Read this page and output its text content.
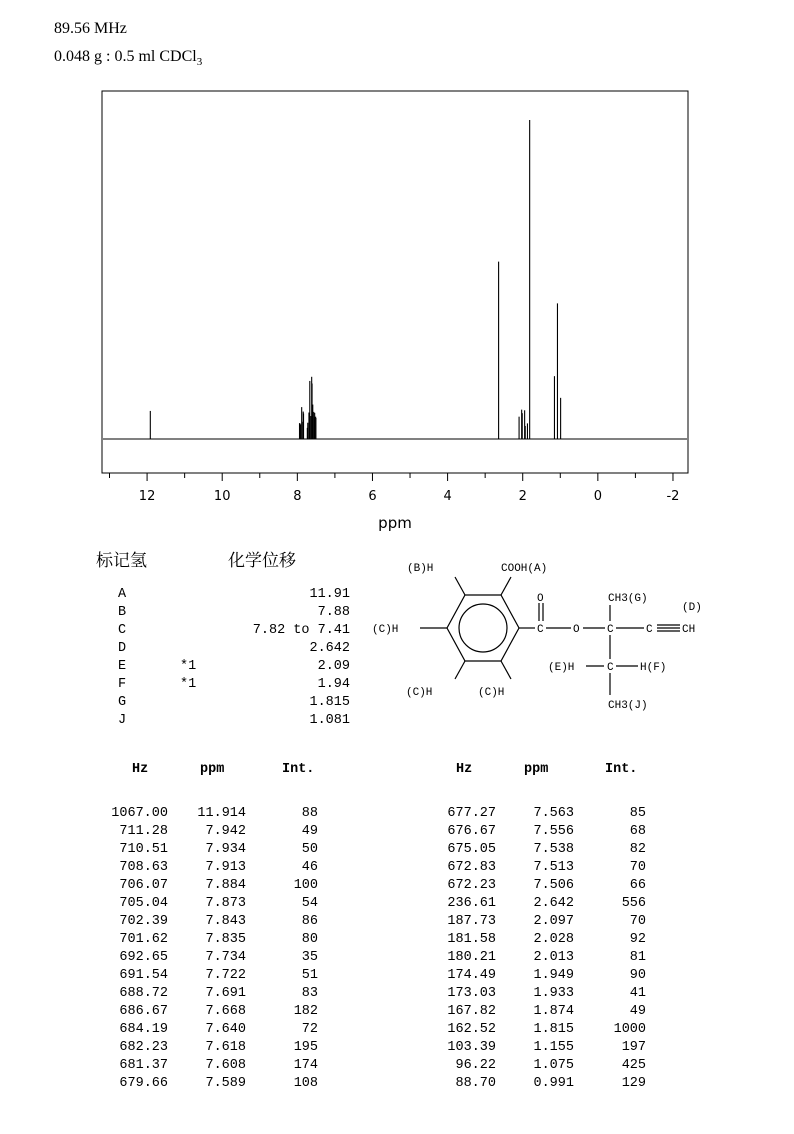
89.56 MHz
0.048 g : 0.5 ml CDCl$_3$
12	10	8	6	4	2	0	-2
ppm
标记氢	化学位移
A	11.91
B	7.88
C	7.82 to 7.41
D	2.642
E	*1	2.09
F	*1	1.94
G	1.815
J	1.081
(B)H	COOH(A)
(C)H
(C)H	(C)H
O
C	O C	C	CH
(D)
CH3(G)
(E)H	C H(F)
CH3(J)
Hz	ppm	Int.	Hz	ppm	Int.
1067.00	11.914	88
711.28	7.942	49
710.51	7.934	50
708.63	7.913	46
706.07	7.884	100
705.04	7.873	54
702.39	7.843	86
701.62	7.835	80
692.65	7.734	35
691.54	7.722	51
688.72	7.691	83
686.67	7.668	182
684.19	7.640	72
682.23	7.618	195
681.37	7.608	174
679.66	7.589	108
677.27	7.563	85
676.67	7.556	68
675.05	7.538	82
672.83	7.513	70
672.23	7.506	66
236.61	2.642	556
187.73	2.097	70
181.58	2.028	92
180.21	2.013	81
174.49	1.949	90
173.03	1.933	41
167.82	1.874	49
162.52	1.815	1000
103.39	1.155	197
96.22	1.075	425
88.70	0.991	129
